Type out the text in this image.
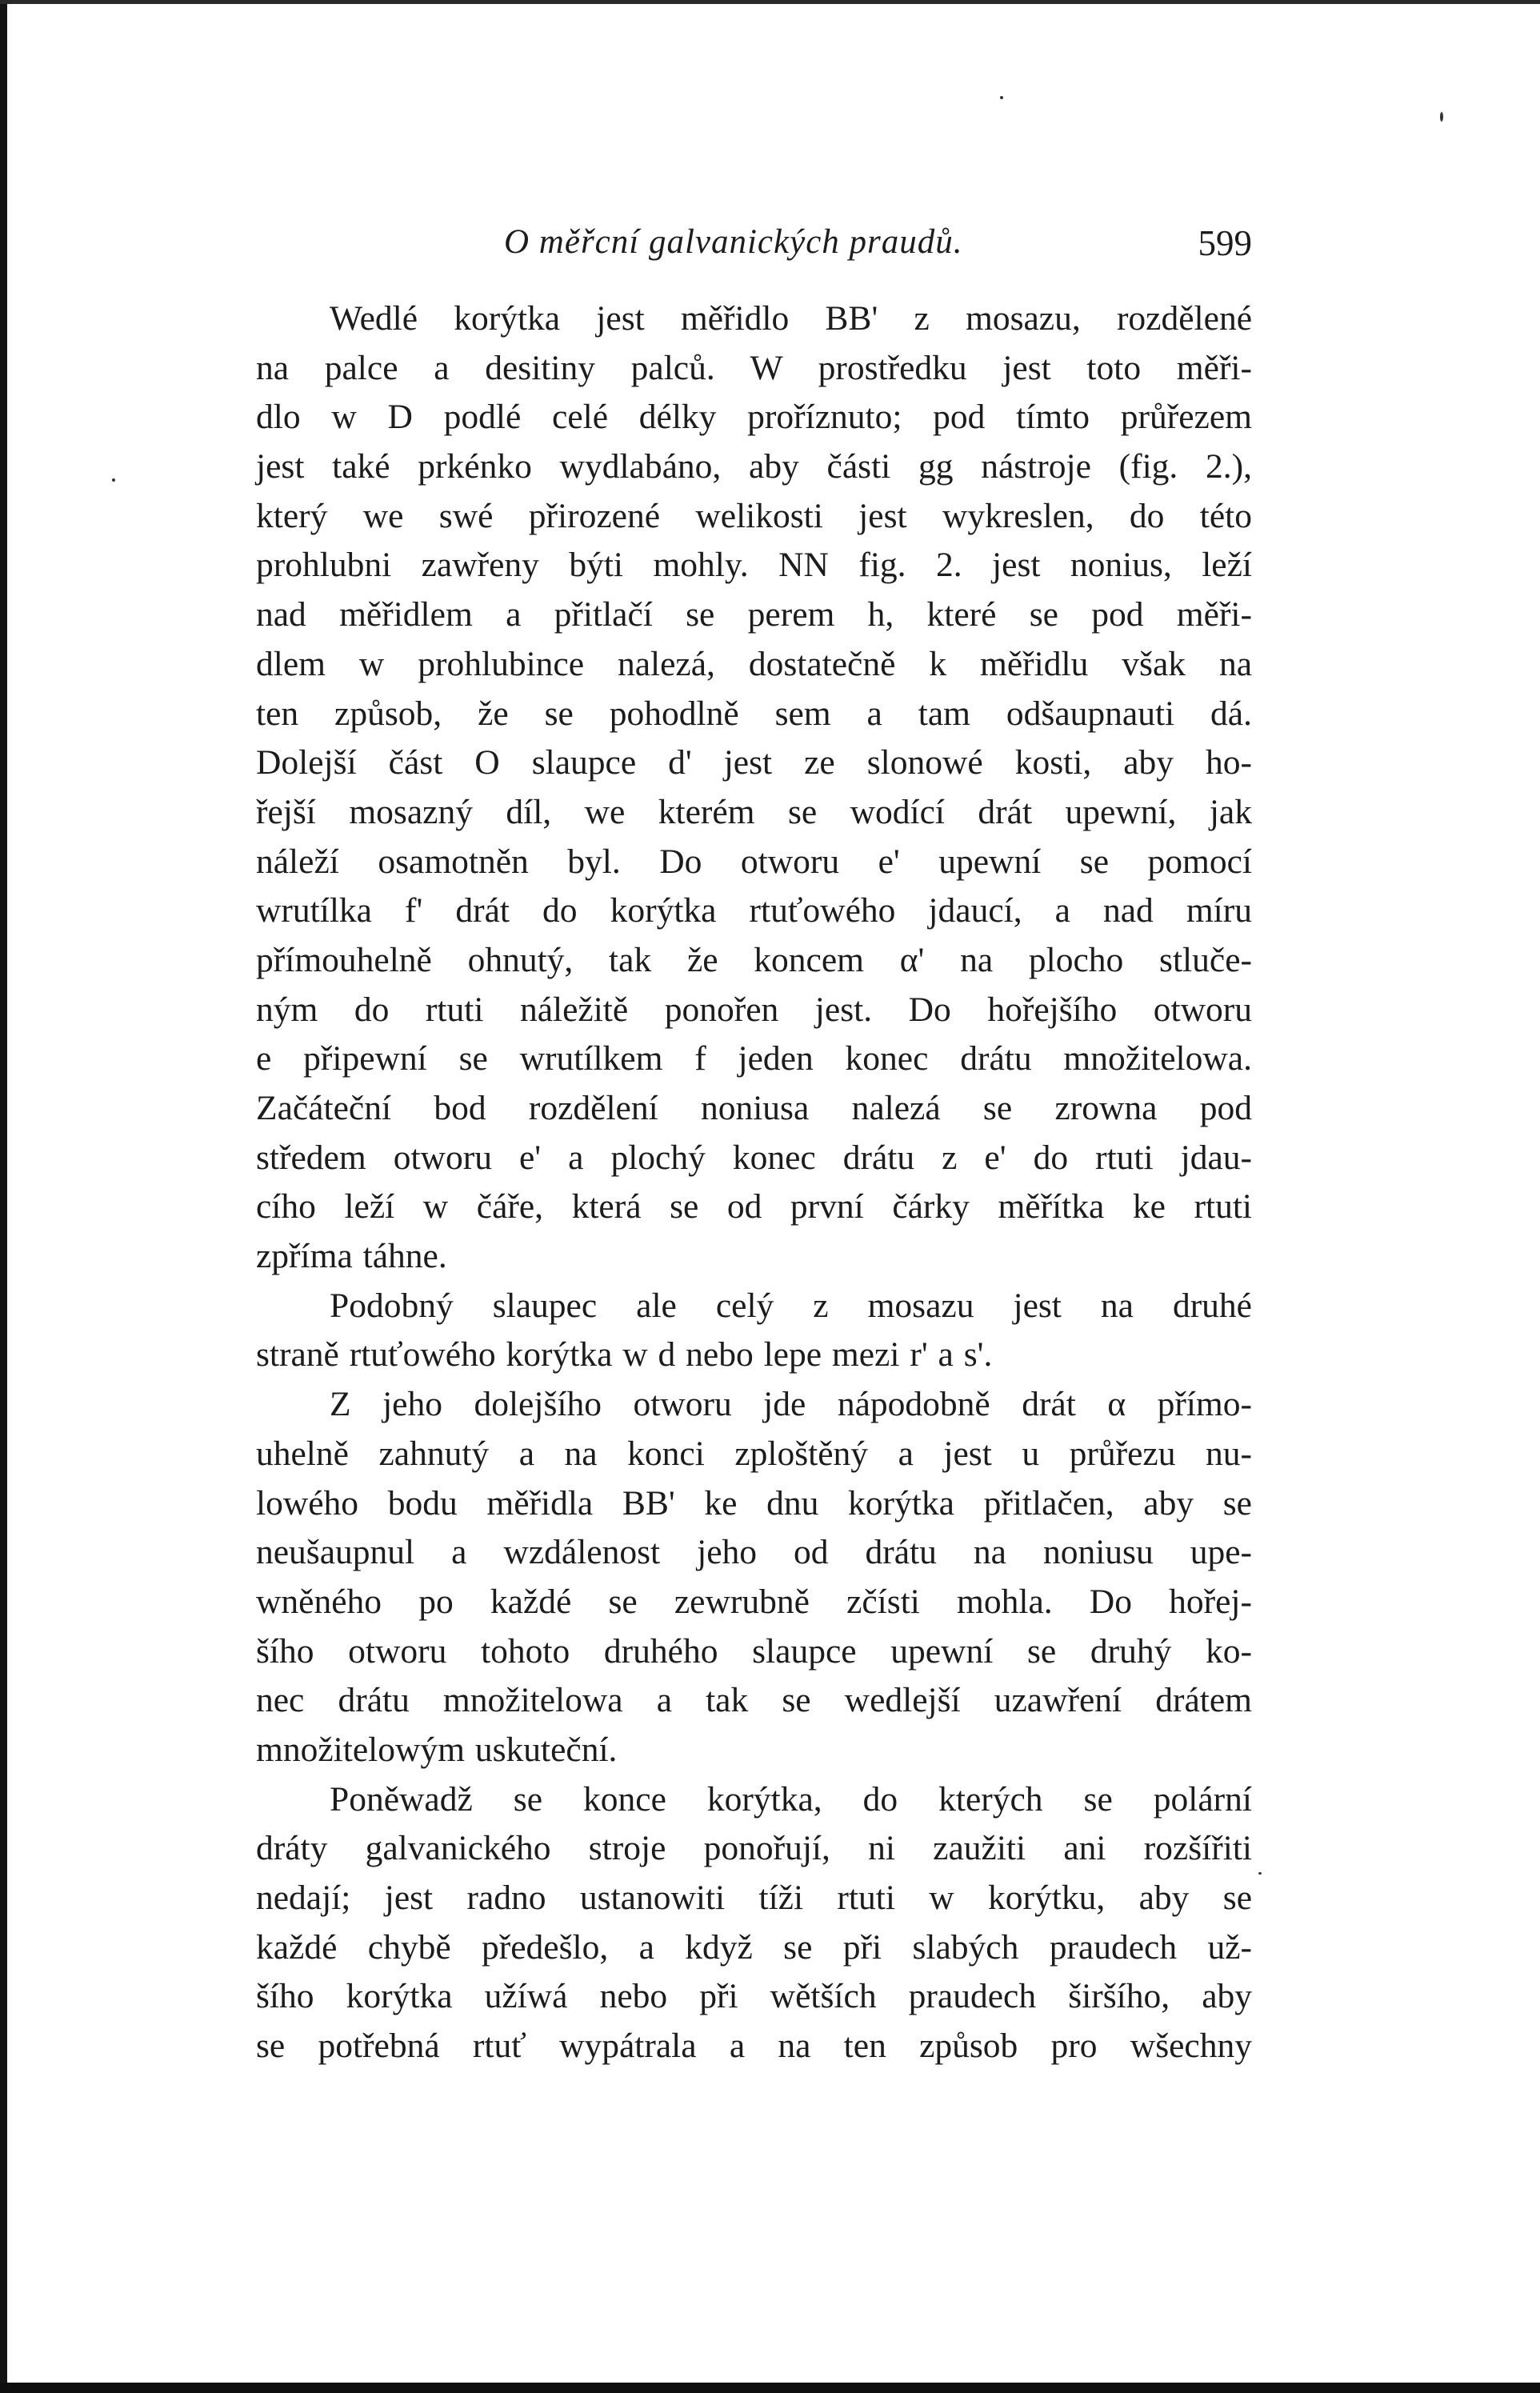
O měřcní galvanických praudů.	599
Wedlé korýtka jest měřidlo BB' z mosazu, rozdělené
na palce a desitiny palců. W prostředku jest toto měři-
dlo w D podlé celé délky proříznuto; pod tímto průřezem
jest také prkénko wydlabáno, aby části gg nástroje (fig. 2.),
který we swé přirozené welikosti jest wykreslen, do této
prohlubni zawřeny býti mohly. NN fig. 2. jest nonius, leží
nad měřidlem a přitlačí se perem h, které se pod měři-
dlem w prohlubince nalezá, dostatečně k měřidlu však na
ten způsob, že se pohodlně sem a tam odšaupnauti dá.
Dolejší část O slaupce d' jest ze slonowé kosti, aby ho-
řejší mosazný díl, we kterém se wodící drát upewní, jak
náleží osamotněn byl. Do otworu e' upewní se pomocí
wrutílka f' drát do korýtka rtuťowého jdaucí, a nad míru
přímouhelně ohnutý, tak že koncem α' na plocho stluče-
ným do rtuti náležitě ponořen jest. Do hořejšího otworu
e připewní se wrutílkem f jeden konec drátu množitelowa.
Začáteční bod rozdělení noniusa nalezá se zrowna pod
středem otworu e' a plochý konec drátu z e' do rtuti jdau-
cího leží w čáře, která se od první čárky měřítka ke rtuti
zpříma táhne.
Podobný slaupec ale celý z mosazu jest na druhé
straně rtuťowého korýtka w d nebo lepe mezi r' a s'.
Z jeho dolejšího otworu jde nápodobně drát α přímo-
uhelně zahnutý a na konci zploštěný a jest u průřezu nu-
lowého bodu měřidla BB' ke dnu korýtka přitlačen, aby se
neušaupnul a wzdálenost jeho od drátu na noniusu upe-
wněného po každé se zewrubně zčísti mohla. Do hořej-
šího otworu tohoto druhého slaupce upewní se druhý ko-
nec drátu množitelowa a tak se wedlejší uzawření drátem
množitelowým uskuteční.
Poněwadž se konce korýtka, do kterých se polární
dráty galvanického stroje ponořují, ni zaužiti ani rozšířiti
nedají; jest radno ustanowiti tíži rtuti w korýtku, aby se
každé chybě předešlo, a když se při slabých praudech už-
šího korýtka užíwá nebo při wětších praudech širšího, aby
se potřebná rtuť wypátrala a na ten způsob pro wšechny
